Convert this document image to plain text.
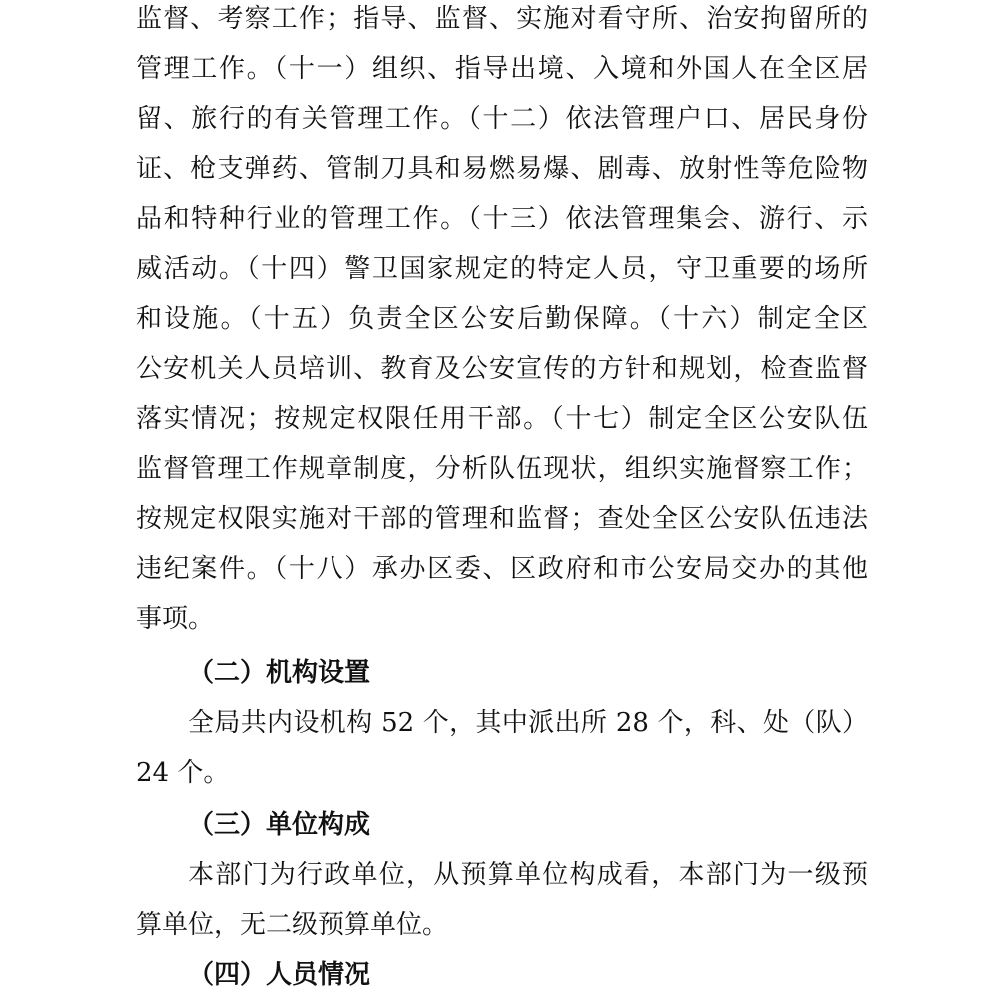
监督、考察工作；指导、监督、实施对看守所、治安拘留所的
管理工作。（十一）组织、指导出境、入境和外国人在全区居
留、旅行的有关管理工作。（十二）依法管理户口、居民身份
证、枪支弹药、管制刀具和易燃易爆、剧毒、放射性等危险物
品和特种行业的管理工作。（十三）依法管理集会、游行、示
威活动。（十四）警卫国家规定的特定人员，守卫重要的场所
和设施。（十五）负责全区公安后勤保障。（十六）制定全区
公安机关人员培训、教育及公安宣传的方针和规划，检查监督
落实情况；按规定权限任用干部。（十七）制定全区公安队伍
监督管理工作规章制度，分析队伍现状，组织实施督察工作；
按规定权限实施对干部的管理和监督；查处全区公安队伍违法
违纪案件。（十八）承办区委、区政府和市公安局交办的其他
事项。
（二）机构设置
全局共内设机构 52 个，其中派出所 28 个，科、处（队）
24 个。
（三）单位构成
本部门为行政单位，从预算单位构成看，本部门为一级预
算单位，无二级预算单位。
（四）人员情况
